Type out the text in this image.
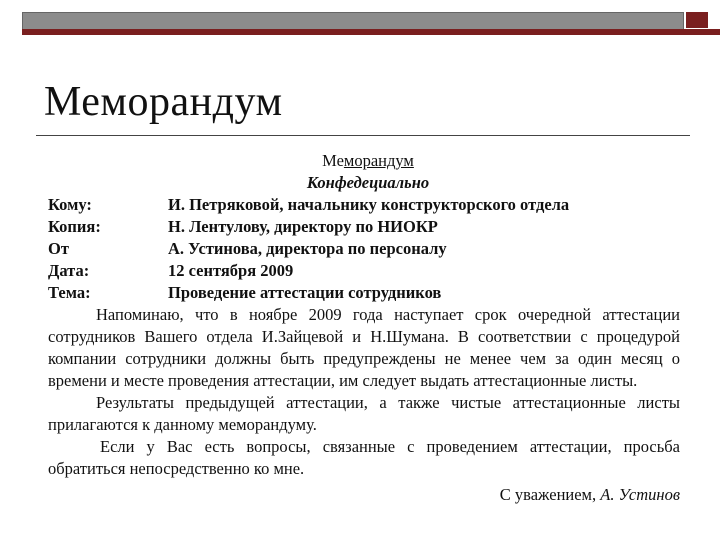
Меморандум
Меморандум
Конфедециально
Кому:	И. Петряковой, начальнику конструкторского отдела
Копия:	Н. Лентулову, директору по НИОКР
От	А. Устинова, директора по персоналу
Дата:	12 сентября 2009
Тема:	Проведение аттестации сотрудников

Напоминаю, что в ноябре 2009 года наступает срок очередной аттестации сотрудников Вашего отдела И.Зайцевой и Н.Шумана. В соответствии с процедурой компании сотрудники должны быть предупреждены не менее чем за один месяц о времени и месте проведения аттестации, им следует выдать аттестационные листы.

Результаты предыдущей аттестации, а также чистые аттестационные листы прилагаются к данному меморандуму.

Если у Вас есть вопросы, связанные с проведением аттестации, просьба обратиться непосредственно ко мне.

С уважением, А. Устинов
